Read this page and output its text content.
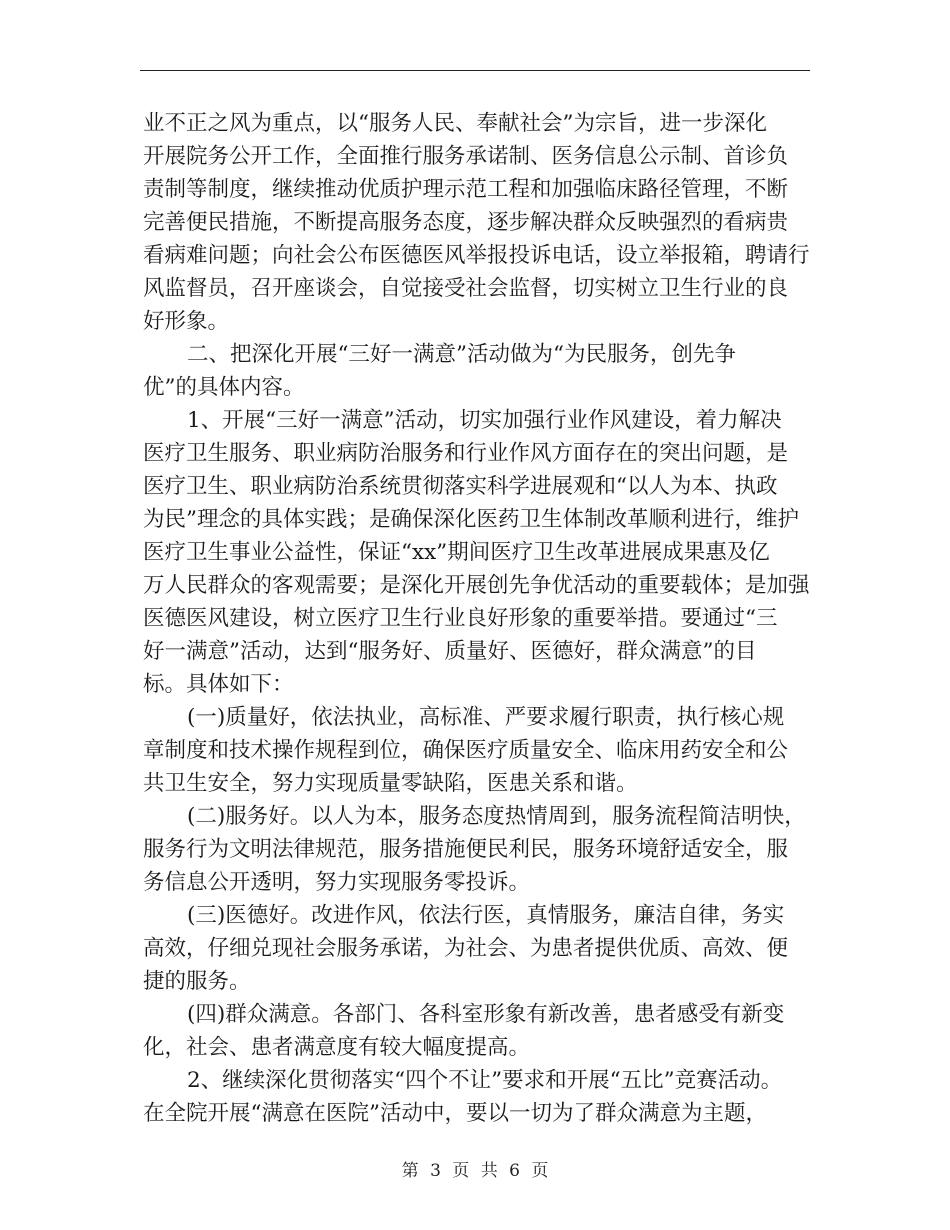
业不正之风为重点，以“服务人民、奉献社会”为宗旨，进一步深化
开展院务公开工作，全面推行服务承诺制、医务信息公示制、首诊负
责制等制度，继续推动优质护理示范工程和加强临床路径管理，不断
完善便民措施，不断提高服务态度，逐步解决群众反映强烈的看病贵
看病难问题；向社会公布医德医风举报投诉电话，设立举报箱，聘请行
风监督员，召开座谈会，自觉接受社会监督，切实树立卫生行业的良
好形象。
二、把深化开展“三好一满意”活动做为“为民服务，创先争
优”的具体内容。
1、开展“三好一满意”活动，切实加强行业作风建设，着力解决
医疗卫生服务、职业病防治服务和行业作风方面存在的突出问题，是
医疗卫生、职业病防治系统贯彻落实科学进展观和“以人为本、执政
为民”理念的具体实践；是确保深化医药卫生体制改革顺利进行，维护
医疗卫生事业公益性，保证“xx”期间医疗卫生改革进展成果惠及亿
万人民群众的客观需要；是深化开展创先争优活动的重要载体；是加强
医德医风建设，树立医疗卫生行业良好形象的重要举措。要通过“三
好一满意”活动，达到“服务好、质量好、医德好，群众满意”的目
标。具体如下：
(一)质量好，依法执业，高标准、严要求履行职责，执行核心规
章制度和技术操作规程到位，确保医疗质量安全、临床用药安全和公
共卫生安全，努力实现质量零缺陷，医患关系和谐。
(二)服务好。以人为本，服务态度热情周到，服务流程简洁明快，
服务行为文明法律规范，服务措施便民利民，服务环境舒适安全，服
务信息公开透明，努力实现服务零投诉。
(三)医德好。改进作风，依法行医，真情服务，廉洁自律，务实
高效，仔细兑现社会服务承诺，为社会、为患者提供优质、高效、便
捷的服务。
(四)群众满意。各部门、各科室形象有新改善，患者感受有新变
化，社会、患者满意度有较大幅度提高。
2、继续深化贯彻落实“四个不让”要求和开展“五比”竞赛活动。
在全院开展“满意在医院”活动中，要以一切为了群众满意为主题，
第 3 页 共 6 页
